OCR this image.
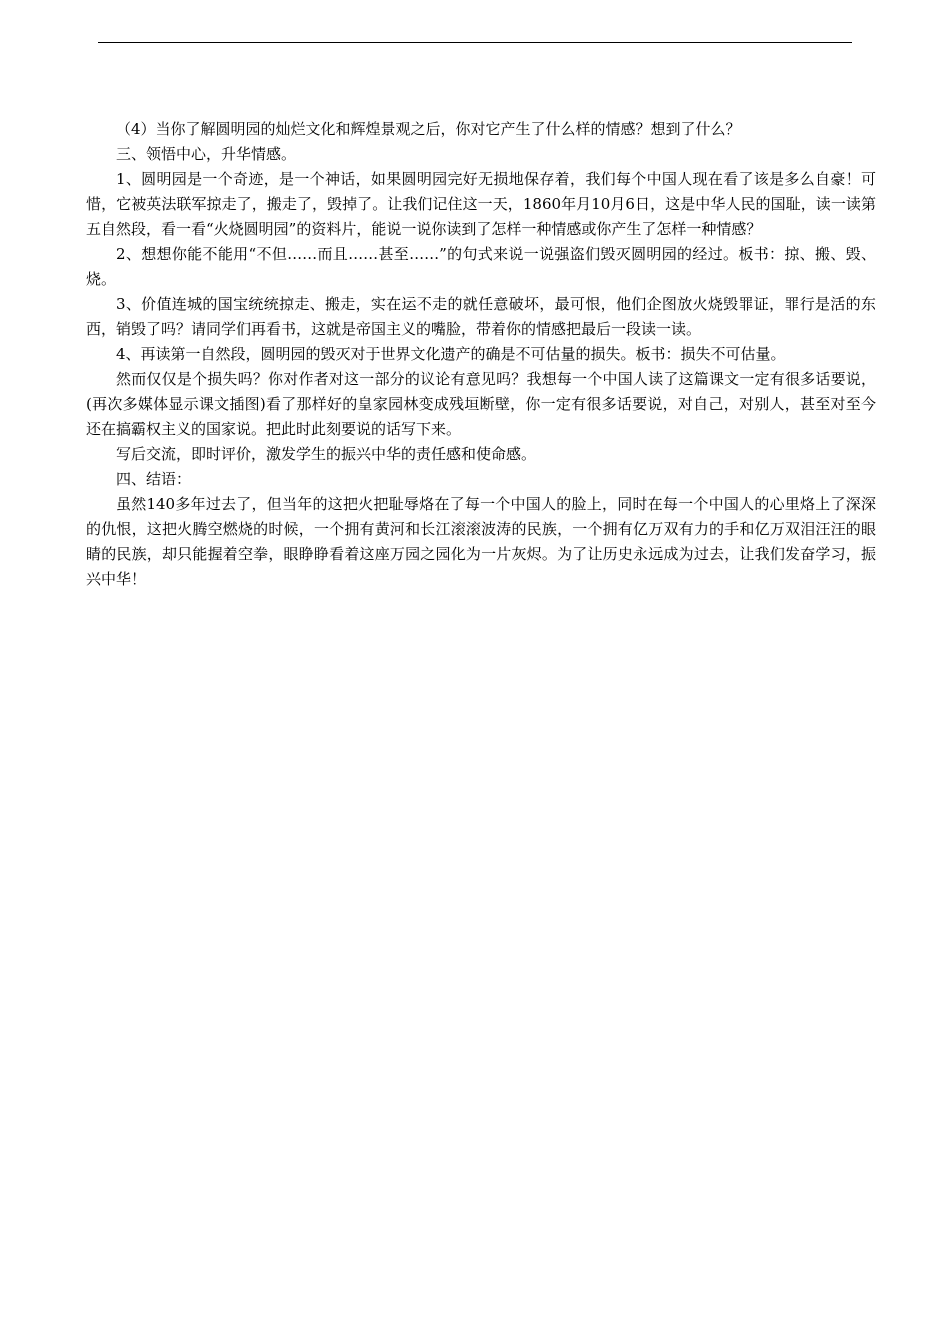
（4）当你了解圆明园的灿烂文化和辉煌景观之后，你对它产生了什么样的情感？想到了什么？

三、领悟中心，升华情感。

1、圆明园是一个奇迹，是一个神话，如果圆明园完好无损地保存着，我们每个中国人现在看了该是多么自豪！可惜，它被英法联军掠走了，搬走了，毁掉了。让我们记住这一天，1860年月10月6日，这是中华人民的国耻，读一读第五自然段，看一看“火烧圆明园”的资料片，能说一说你读到了怎样一种情感或你产生了怎样一种情感？

2、想想你能不能用“不但……而且……甚至……”的句式来说一说强盗们毁灭圆明园的经过。板书：掠、搬、毁、烧。

3、价值连城的国宝统统掠走、搬走，实在运不走的就任意破坏，最可恨，他们企图放火烧毁罪证，罪行是活的东西，销毁了吗？请同学们再看书，这就是帝国主义的嘴脸，带着你的情感把最后一段读一读。

4、再读第一自然段，圆明园的毁灭对于世界文化遗产的确是不可估量的损失。板书：损失不可估量。

然而仅仅是个损失吗？你对作者对这一部分的议论有意见吗？我想每一个中国人读了这篇课文一定有很多话要说，(再次多媒体显示课文插图)看了那样好的皇家园林变成残垣断壁，你一定有很多话要说，对自己，对别人，甚至对至今还在搞霸权主义的国家说。把此时此刻要说的话写下来。

写后交流，即时评价，激发学生的振兴中华的责任感和使命感。

四、结语：

虽然140多年过去了，但当年的这把火把耻辱烙在了每一个中国人的脸上，同时在每一个中国人的心里烙上了深深的仇恨，这把火腾空燃烧的时候，一个拥有黄河和长江滚滚波涛的民族，一个拥有亿万双有力的手和亿万双泪汪汪的眼睛的民族，却只能握着空拳，眼睁睁看着这座万园之园化为一片灰烬。为了让历史永远成为过去，让我们发奋学习，振兴中华！
